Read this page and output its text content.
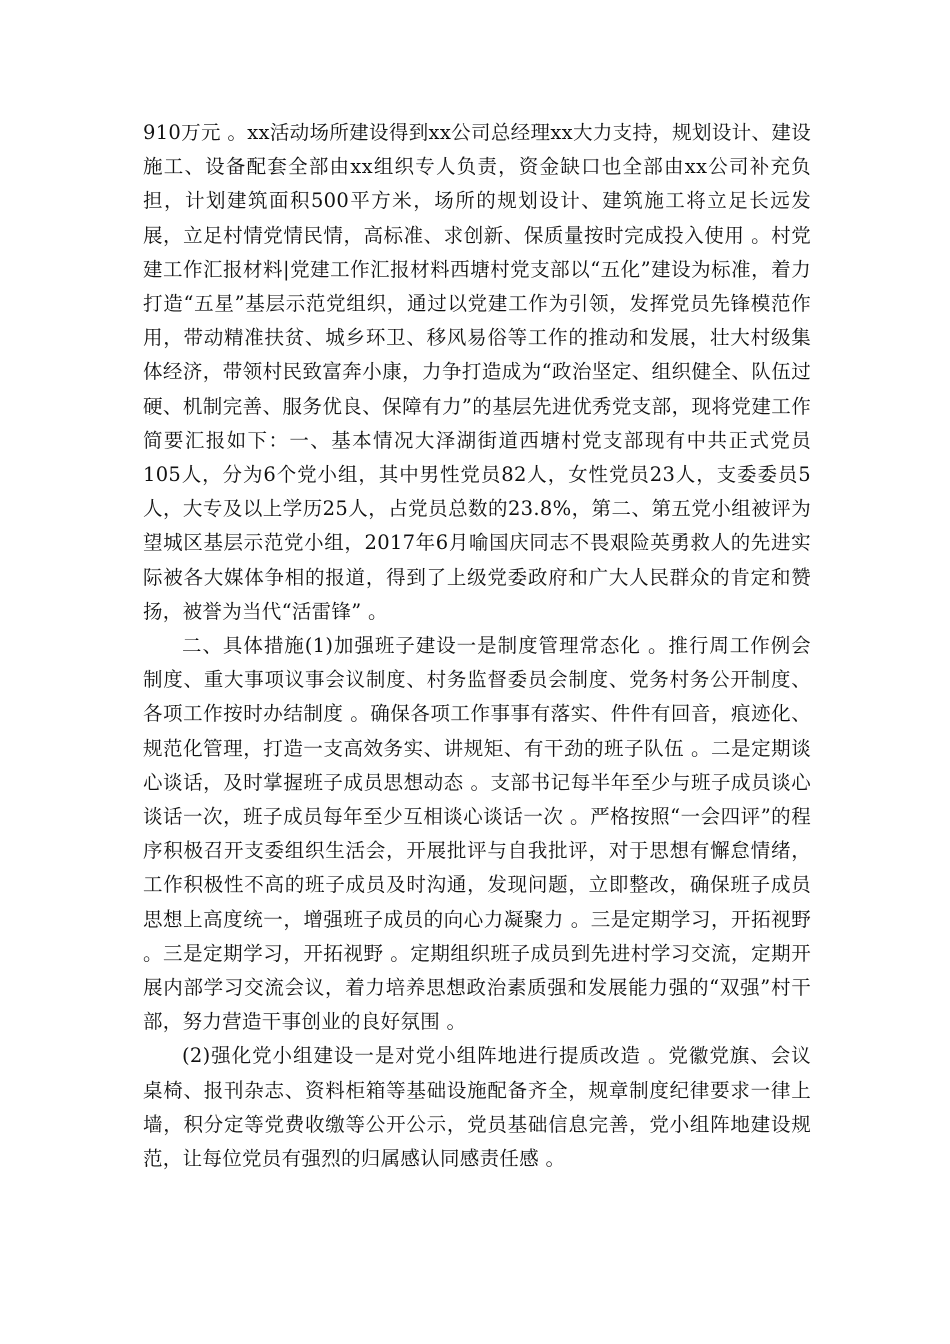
910万元 。xx活动场所建设得到xx公司总经理xx大力支持，规划设计、建设施工、设备配套全部由xx组织专人负责，资金缺口也全部由xx公司补充负担，计划建筑面积500平方米，场所的规划设计、建筑施工将立足长远发展，立足村情党情民情，高标准、求创新、保质量按时完成投入使用 。村党建工作汇报材料|党建工作汇报材料西塘村党支部以“五化”建设为标准，着力打造“五星”基层示范党组织，通过以党建工作为引领，发挥党员先锋模范作用，带动精准扶贫、城乡环卫、移风易俗等工作的推动和发展，壮大村级集体经济，带领村民致富奔小康，力争打造成为“政治坚定、组织健全、队伍过硬、机制完善、服务优良、保障有力”的基层先进优秀党支部，现将党建工作简要汇报如下：一、基本情况大泽湖街道西塘村党支部现有中共正式党员105人，分为6个党小组，其中男性党员82人，女性党员23人，支委委员5人，大专及以上学历25人，占党员总数的23.8%，第二、第五党小组被评为望城区基层示范党小组，2017年6月喻国庆同志不畏艰险英勇救人的先进实际被各大媒体争相的报道，得到了上级党委政府和广大人民群众的肯定和赞扬，被誉为当代“活雷锋” 。

二、具体措施(1)加强班子建设一是制度管理常态化 。推行周工作例会制度、重大事项议事会议制度、村务监督委员会制度、党务村务公开制度、各项工作按时办结制度 。确保各项工作事事有落实、件件有回音，痕迹化、规范化管理，打造一支高效务实、讲规矩、有干劲的班子队伍 。二是定期谈心谈话，及时掌握班子成员思想动态 。支部书记每半年至少与班子成员谈心谈话一次，班子成员每年至少互相谈心谈话一次 。严格按照“一会四评”的程序积极召开支委组织生活会，开展批评与自我批评，对于思想有懈怠情绪，工作积极性不高的班子成员及时沟通，发现问题，立即整改，确保班子成员思想上高度统一，增强班子成员的向心力凝聚力 。三是定期学习，开拓视野 。三是定期学习，开拓视野 。定期组织班子成员到先进村学习交流，定期开展内部学习交流会议，着力培养思想政治素质强和发展能力强的“双强”村干部，努力营造干事创业的良好氛围 。

(2)强化党小组建设一是对党小组阵地进行提质改造 。党徽党旗、会议桌椅、报刊杂志、资料柜箱等基础设施配备齐全，规章制度纪律要求一律上墙，积分定等党费收缴等公开公示，党员基础信息完善，党小组阵地建设规范，让每位党员有强烈的归属感认同感责任感 。
